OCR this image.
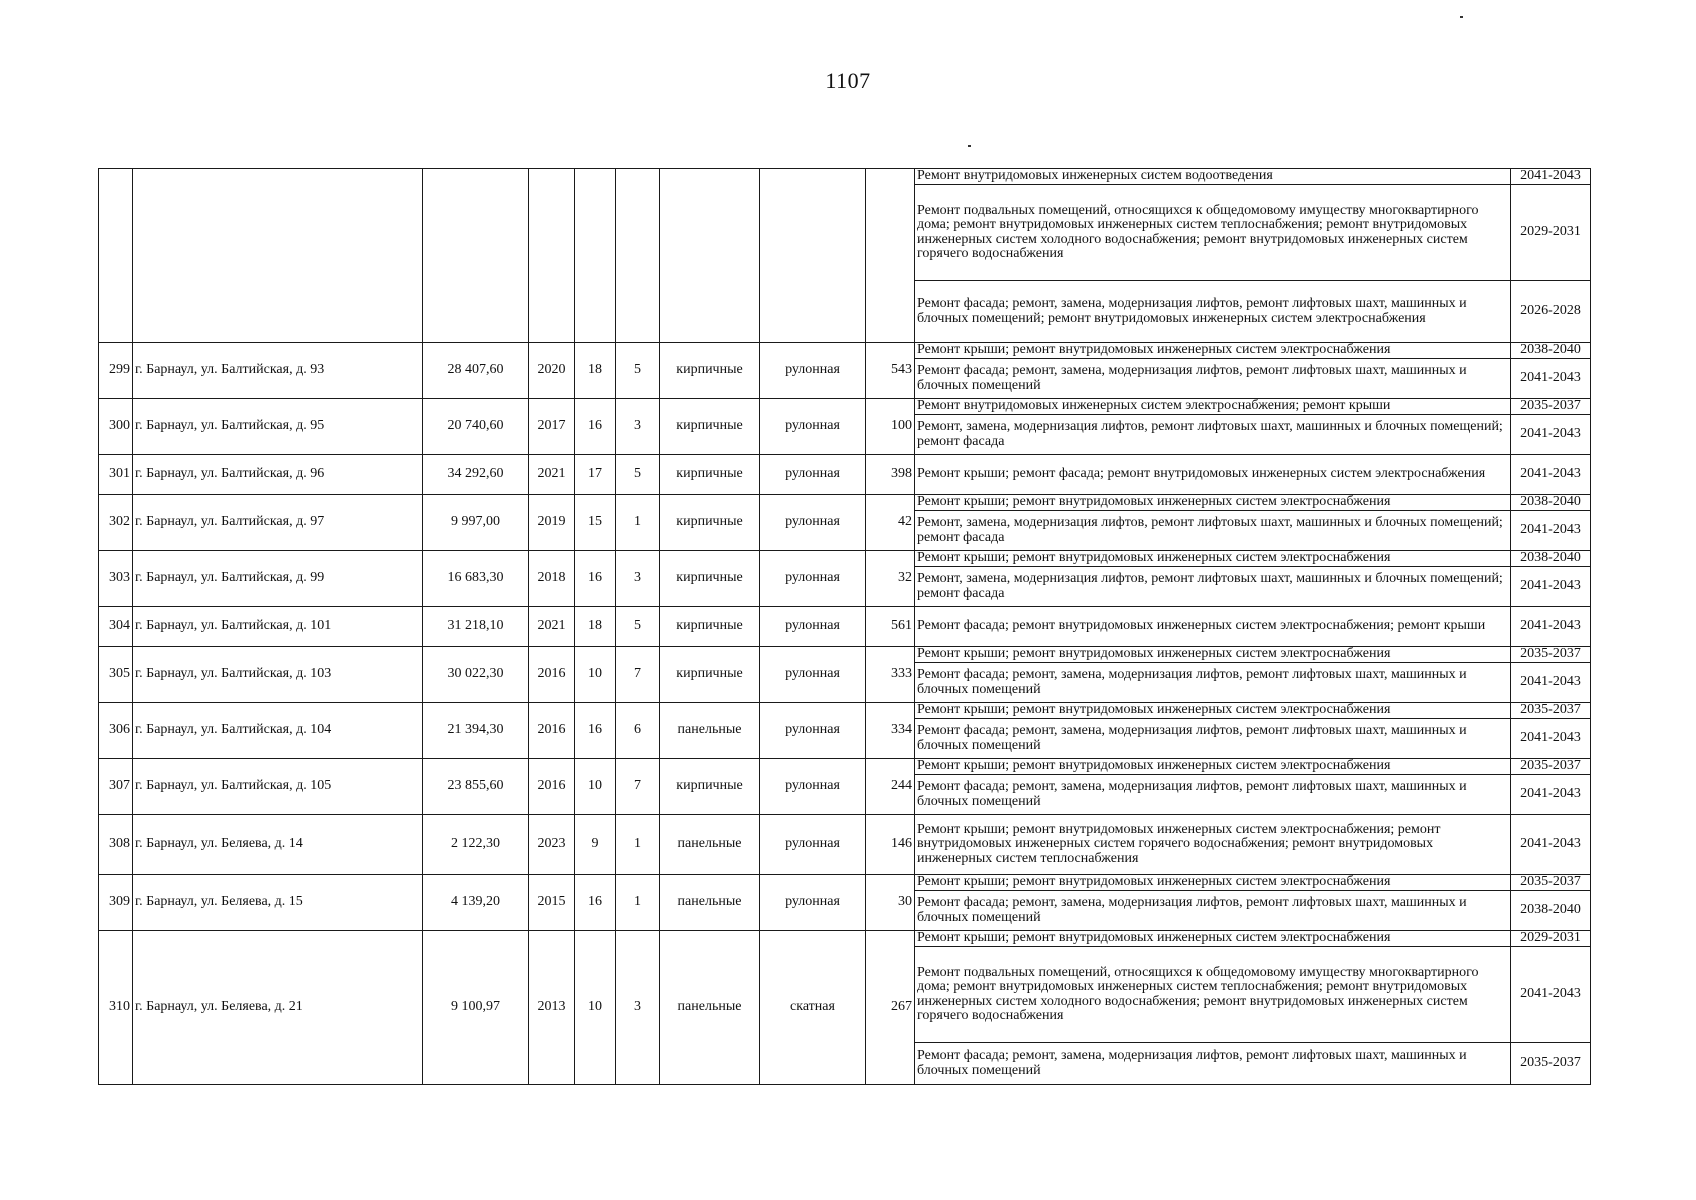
1107
									Ремонт внутридомовых инженерных систем водоотведения	2041-2043
									Ремонт подвальных помещений, относящихся к общедомовому имуществу многоквартирного дома; ремонт внутридомовых инженерных систем теплоснабжения; ремонт внутридомовых инженерных систем холодного водоснабжения; ремонт внутридомовых инженерных систем горячего водоснабжения	2029-2031
									Ремонт фасада; ремонт, замена, модернизация лифтов, ремонт лифтовых шахт, машинных и блочных помещений; ремонт внутридомовых инженерных систем электроснабжения	2026-2028
299	г. Барнаул, ул. Балтийская, д. 93	28 407,60	2020	18	5	кирпичные	рулонная	543	Ремонт крыши; ремонт внутридомовых инженерных систем электроснабжения	2038-2040
									Ремонт фасада; ремонт, замена, модернизация лифтов, ремонт лифтовых шахт, машинных и блочных помещений	2041-2043
300	г. Барнаул, ул. Балтийская, д. 95	20 740,60	2017	16	3	кирпичные	рулонная	100	Ремонт внутридомовых инженерных систем электроснабжения; ремонт крыши	2035-2037
									Ремонт, замена, модернизация лифтов, ремонт лифтовых шахт, машинных и блочных помещений; ремонт фасада	2041-2043
301	г. Барнаул, ул. Балтийская, д. 96	34 292,60	2021	17	5	кирпичные	рулонная	398	Ремонт крыши; ремонт фасада; ремонт внутридомовых инженерных систем электроснабжения	2041-2043
302	г. Барнаул, ул. Балтийская, д. 97	9 997,00	2019	15	1	кирпичные	рулонная	42	Ремонт крыши; ремонт внутридомовых инженерных систем электроснабжения	2038-2040
									Ремонт, замена, модернизация лифтов, ремонт лифтовых шахт, машинных и блочных помещений; ремонт фасада	2041-2043
303	г. Барнаул, ул. Балтийская, д. 99	16 683,30	2018	16	3	кирпичные	рулонная	32	Ремонт крыши; ремонт внутридомовых инженерных систем электроснабжения	2038-2040
									Ремонт, замена, модернизация лифтов, ремонт лифтовых шахт, машинных и блочных помещений; ремонт фасада	2041-2043
304	г. Барнаул, ул. Балтийская, д. 101	31 218,10	2021	18	5	кирпичные	рулонная	561	Ремонт фасада; ремонт внутридомовых инженерных систем электроснабжения; ремонт крыши	2041-2043
305	г. Барнаул, ул. Балтийская, д. 103	30 022,30	2016	10	7	кирпичные	рулонная	333	Ремонт крыши; ремонт внутридомовых инженерных систем электроснабжения	2035-2037
									Ремонт фасада; ремонт, замена, модернизация лифтов, ремонт лифтовых шахт, машинных и блочных помещений	2041-2043
306	г. Барнаул, ул. Балтийская, д. 104	21 394,30	2016	16	6	панельные	рулонная	334	Ремонт крыши; ремонт внутридомовых инженерных систем электроснабжения	2035-2037
									Ремонт фасада; ремонт, замена, модернизация лифтов, ремонт лифтовых шахт, машинных и блочных помещений	2041-2043
307	г. Барнаул, ул. Балтийская, д. 105	23 855,60	2016	10	7	кирпичные	рулонная	244	Ремонт крыши; ремонт внутридомовых инженерных систем электроснабжения	2035-2037
									Ремонт фасада; ремонт, замена, модернизация лифтов, ремонт лифтовых шахт, машинных и блочных помещений	2041-2043
308	г. Барнаул, ул. Беляева, д. 14	2 122,30	2023	9	1	панельные	рулонная	146	Ремонт крыши; ремонт внутридомовых инженерных систем электроснабжения; ремонт внутридомовых инженерных систем горячего водоснабжения; ремонт внутридомовых инженерных систем теплоснабжения	2041-2043
309	г. Барнаул, ул. Беляева, д. 15	4 139,20	2015	16	1	панельные	рулонная	30	Ремонт крыши; ремонт внутридомовых инженерных систем электроснабжения	2035-2037
									Ремонт фасада; ремонт, замена, модернизация лифтов, ремонт лифтовых шахт, машинных и блочных помещений	2038-2040
310	г. Барнаул, ул. Беляева, д. 21	9 100,97	2013	10	3	панельные	скатная	267	Ремонт крыши; ремонт внутридомовых инженерных систем электроснабжения	2029-2031
									Ремонт подвальных помещений, относящихся к общедомовому имуществу многоквартирного дома; ремонт внутридомовых инженерных систем теплоснабжения; ремонт внутридомовых инженерных систем холодного водоснабжения; ремонт внутридомовых инженерных систем горячего водоснабжения	2041-2043
									Ремонт фасада; ремонт, замена, модернизация лифтов, ремонт лифтовых шахт, машинных и блочных помещений	2035-2037
